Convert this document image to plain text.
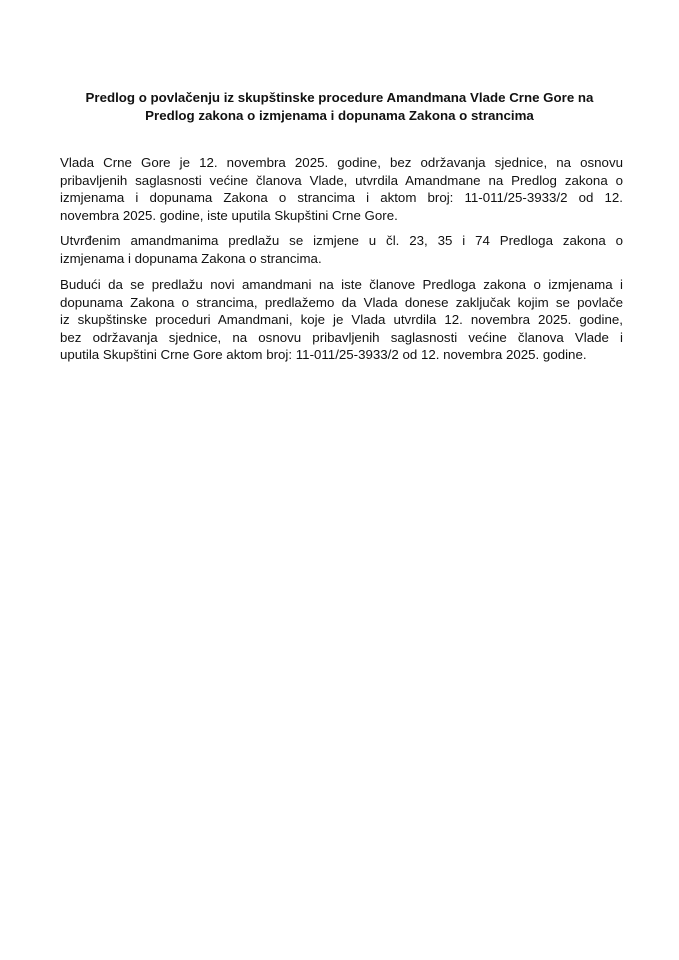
Predlog o povlačenju iz skupštinske procedure Amandmana Vlade Crne Gore na
Predlog zakona o izmjenama i dopunama Zakona o strancima
Vlada Crne Gore je 12. novembra 2025. godine, bez održavanja sjednice, na osnovu
pribavljenih saglasnosti većine članova Vlade, utvrdila Amandmane na Predlog zakona o
izmjenama i dopunama Zakona o strancima i aktom broj: 11-011/25-3933/2 od 12.
novembra 2025. godine, iste uputila Skupštini Crne Gore.
Utvrđenim amandmanima predlažu se izmjene u čl. 23, 35 i 74 Predloga zakona o
izmjenama i dopunama Zakona o strancima.
Budući da se predlažu novi amandmani na iste članove Predloga zakona o izmjenama i
dopunama Zakona o strancima, predlažemo da Vlada donese zaključak kojim se povlače
iz skupštinske proceduri Amandmani, koje je Vlada utvrdila 12. novembra 2025. godine,
bez održavanja sjednice, na osnovu pribavljenih saglasnosti većine članova Vlade i
uputila Skupštini Crne Gore aktom broj: 11-011/25-3933/2 od 12. novembra 2025. godine.
